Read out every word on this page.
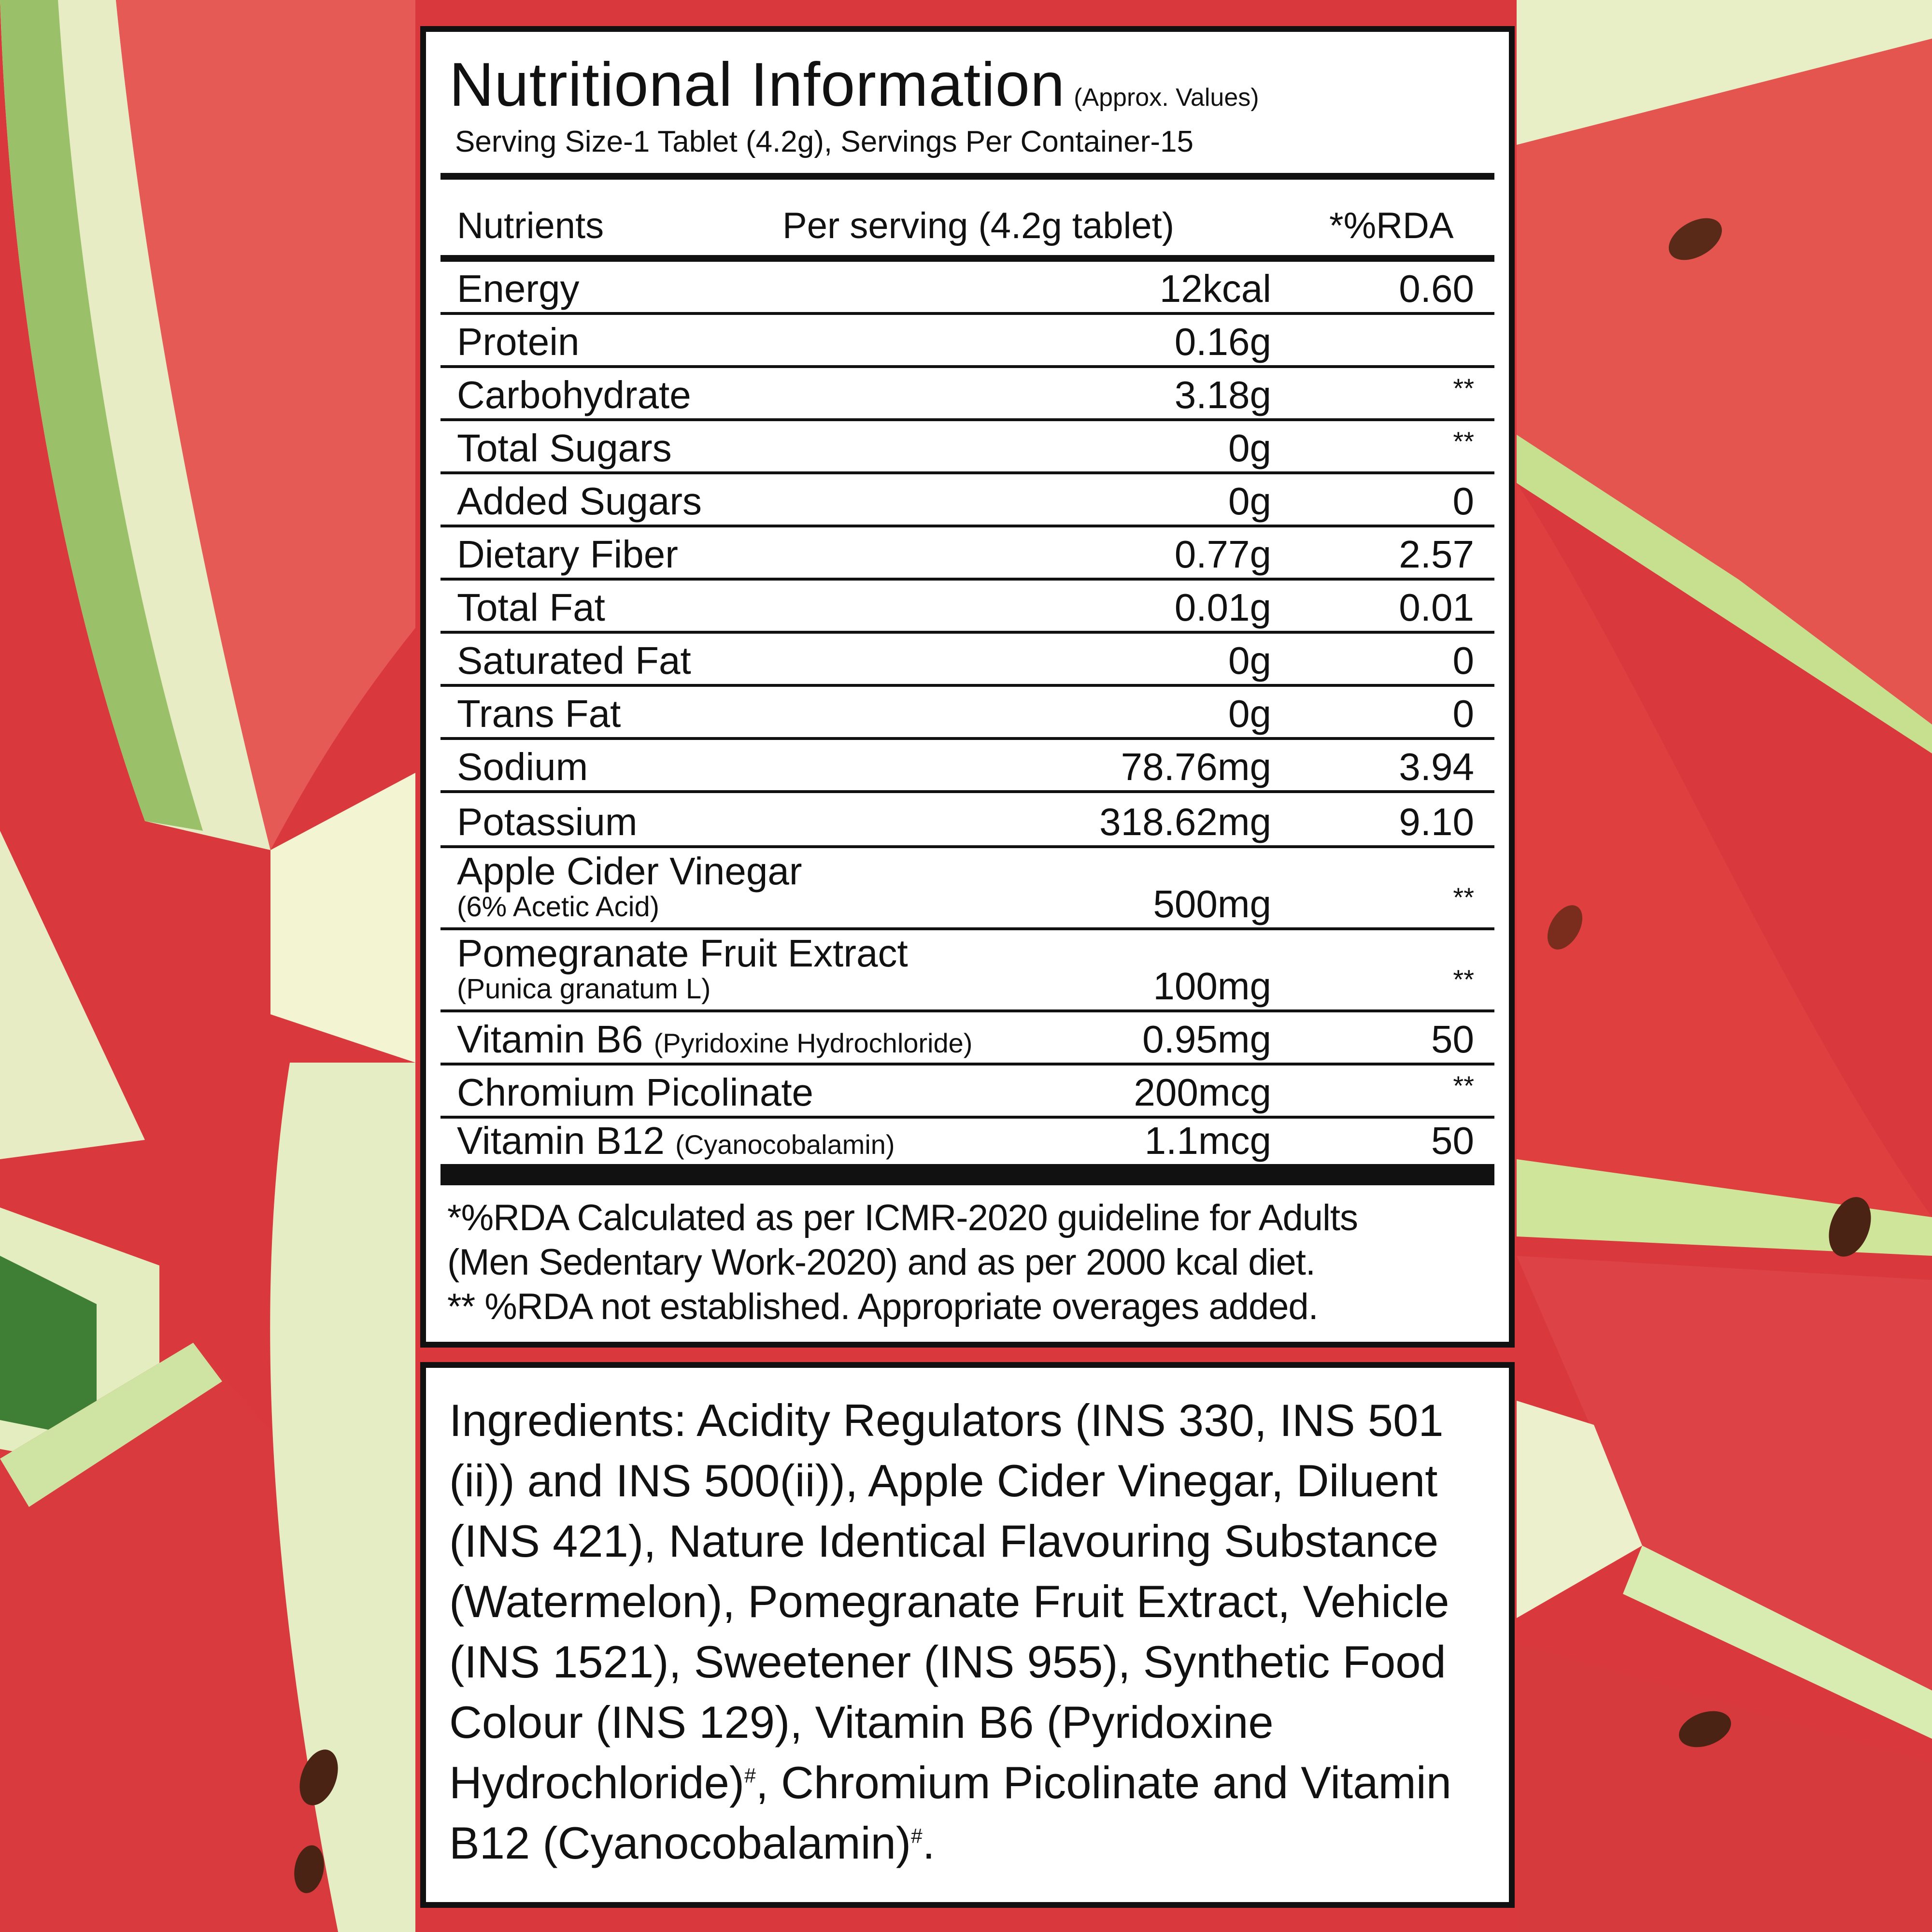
Nutritional Information (Approx. Values)
Serving Size-1 Tablet (4.2g), Servings Per Container-15
Nutrients	Per serving (4.2g tablet)	*%RDA
Energy	12kcal	0.60
Protein	0.16g
Carbohydrate	3.18g	**
Total Sugars	0g	**
Added Sugars	0g	0
Dietary Fiber	0.77g	2.57
Total Fat	0.01g	0.01
Saturated Fat	0g	0
Trans Fat	0g	0
Sodium	78.76mg	3.94
Potassium	318.62mg	9.10
Apple Cider Vinegar
(6% Acetic Acid)	500mg	**
Pomegranate Fruit Extract
(Punica granatum L)	100mg	**
Vitamin B6 (Pyridoxine Hydrochloride)	0.95mg	50
Chromium Picolinate	200mcg	**
Vitamin B12 (Cyanocobalamin)	1.1mcg	50
*%RDA Calculated as per ICMR-2020 guideline for Adults
(Men Sedentary Work-2020) and as per 2000 kcal diet.
** %RDA not established. Appropriate overages added.
Ingredients: Acidity Regulators (INS 330, INS 501 (ii)) and INS 500(ii)), Apple Cider Vinegar, Diluent (INS 421), Nature Identical Flavouring Substance (Watermelon), Pomegranate Fruit Extract, Vehicle (INS 1521), Sweetener (INS 955), Synthetic Food Colour (INS 129), Vitamin B6 (Pyridoxine Hydrochloride)#, Chromium Picolinate and Vitamin B12 (Cyanocobalamin)#.
